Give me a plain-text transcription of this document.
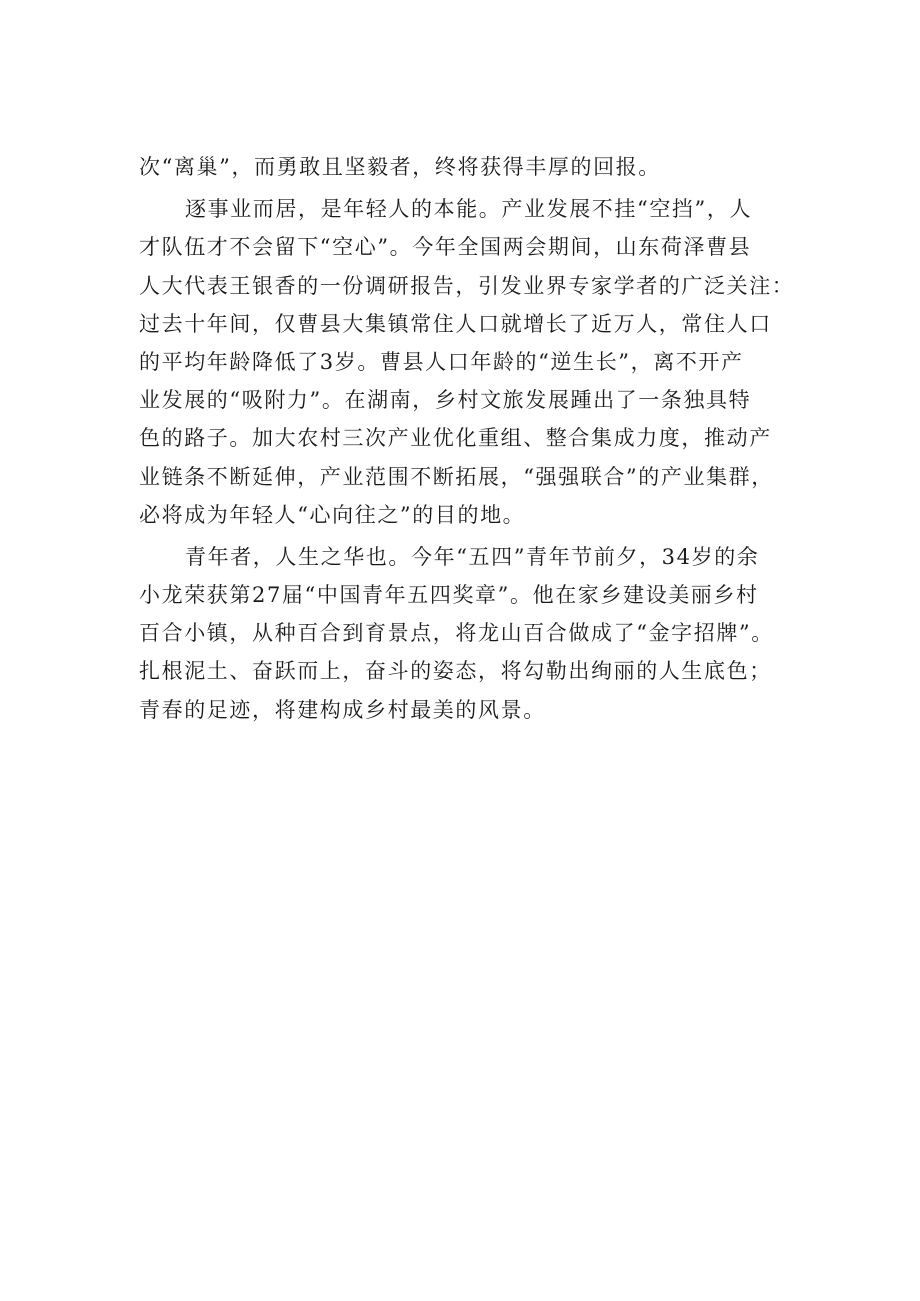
次“离巢”，而勇敢且坚毅者，终将获得丰厚的回报。
逐事业而居，是年轻人的本能。产业发展不挂“空挡”，人
才队伍才不会留下“空心”。今年全国两会期间，山东荷泽曹县
人大代表王银香的一份调研报告，引发业界专家学者的广泛关注：
过去十年间，仅曹县大集镇常住人口就增长了近万人，常住人口
的平均年龄降低了3岁。曹县人口年龄的“逆生长”，离不开产
业发展的“吸附力”。在湖南，乡村文旅发展踵出了一条独具特
色的路子。加大农村三次产业优化重组、整合集成力度，推动产
业链条不断延伸，产业范围不断拓展，“强强联合”的产业集群，
必将成为年轻人“心向往之”的目的地。
青年者，人生之华也。今年“五四”青年节前夕，34岁的余
小龙荣获第27届“中国青年五四奖章”。他在家乡建设美丽乡村
百合小镇，从种百合到育景点，将龙山百合做成了“金字招牌”。
扎根泥土、奋跃而上，奋斗的姿态，将勾勒出绚丽的人生底色；
青春的足迹，将建构成乡村最美的风景。
